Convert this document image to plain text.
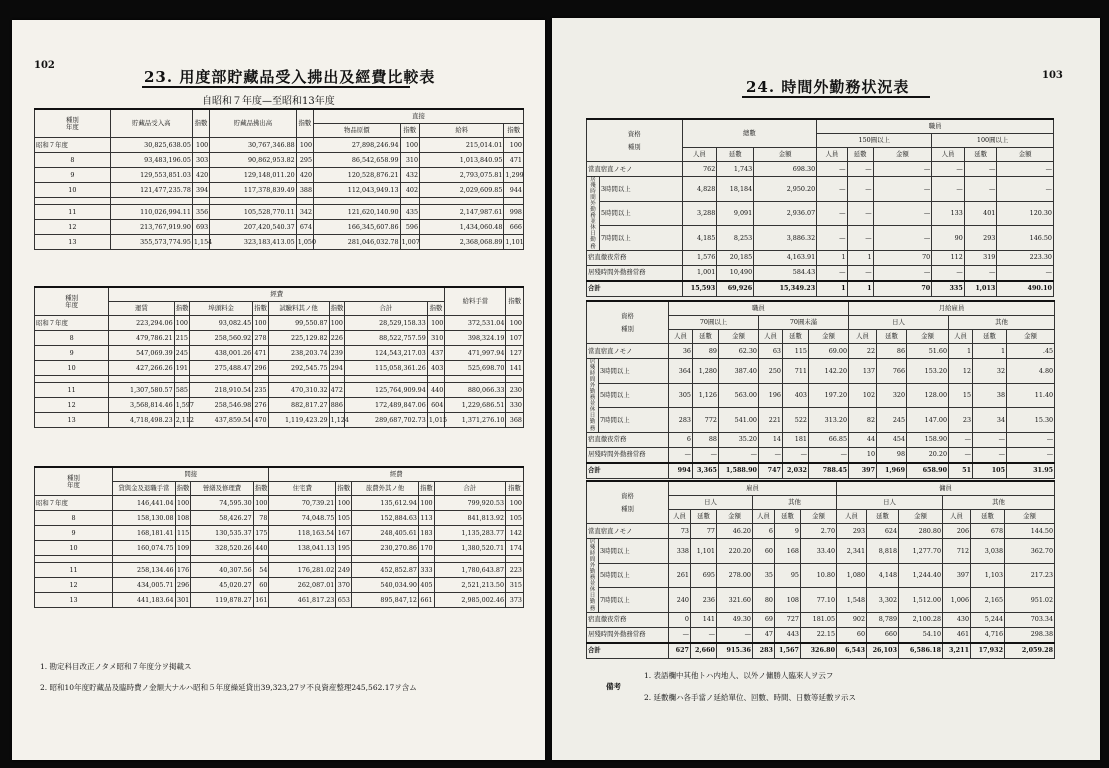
102
23. 用度部貯藏品受入拂出及經費比較表
自昭和７年度—至昭和13年度
種別
年度	貯藏品受入高	指數	貯藏品拂出高	指數	直接			
					物品原價	指數	給料	指數
昭和７年度	30,825,638.05	100	30,767,346.88	100	27,898,246.94	100	215,014.01	100
8	93,483,196.05	303	90,862,953.82	295	86,542,658.99	310	1,013,840.95	471
9	129,553,851.03	420	129,148,011.20	420	120,528,876.21	432	2,793,075.81	1,299
10	121,477,235.78	394	117,378,839.49	388	112,043,949.13	402	2,029,609.85	944

11	110,026,994.11	356	105,528,770.11	342	121,620,140.90	435	2,147,987.61	998
12	213,767,919.90	693	207,420,540.37	674	166,345,607.86	596	1,434,060.48	666
13	355,573,774.95	1,154	323,183,413.05	1,050	281,046,032.78	1,007	2,368,068.89	1,101
種別
年度	經費								給料手當	指數
	運賃	指數	埠頭料金	指數	試驗料其ノ他	指數	合計	指數		
昭和７年度	223,294.06	100	93,082.45	100	99,550.87	100	28,529,158.33	100	372,531.04	100
8	479,786.21	215	258,560.92	278	225,129.82	226	88,522,757.59	310	398,324.19	107
9	547,069.39	245	438,001.26	471	238,203.74	239	124,543,217.03	437	471,997.94	127
10	427,266.26	191	275,488.47	296	292,545.75	294	115,058,361.26	403	525,698.70	141

11	1,307,580.57	585	218,910.54	235	470,310.32	472	125,764,909.94	440	880,066.33	230
12	3,568,814.46	1,597	258,546.98	276	882,817.27	886	172,489,847.06	604	1,229,686.51	330
13	4,718,498.23	2,112	437,859.54	470	1,119,423.29	1,124	289,687,702.73	1,015	1,371,276.10	368
種別
年度	間接				經費					
	貸與金及退職手當	指數	營繕及修理費	指數	住宅費	指數	旅費外其ノ他	指數	合計	指數
昭和７年度	146,441.04	100	74,595.30	100	70,739.21	100	135,612.94	100	799,920.53	100
8	158,130.08	108	58,426.27	78	74,048.75	105	152,884.63	113	841,813.92	105
9	168,181.41	115	130,535.37	175	118,163.54	167	248,405.61	183	1,135,283.77	142
10	160,074.75	109	328,520.26	440	138,041.13	195	230,270.86	170	1,380,520.71	174

11	258,134.46	176	40,307.56	54	176,281.02	249	452,852.87	333	1,780,643.87	223
12	434,005.71	296	45,020.27	60	262,087.01	370	540,034.90	405	2,521,213.50	315
13	441,183.64	301	119,878.27	161	461,817.23	653	895,847,12	661	2,985,002.46	373
1. 勘定科目改正ノタメ昭和７年度分ヲ掲載ス
2. 昭和10年度貯藏品及臨時費ノ金額大ナルハ昭和５年度繰延貸出39,323,27ヲ不良資産整理245,562.17ヲ含ム
103
24. 時間外勤務状況表
資格

種別		總數			職員					
					150圓以上			100圓以上		
		人員	延數	金額	人員	延數	金額	人員	延數	金額
當直宿直ノモノ		762	1,743	698.30	—	—	—	—	—	—
居殘時間外勤務並休日勤務	3時間以上	4,828	18,184	2,950.20	—	—	—	—	—	—
	5時間以上	3,288	9,091	2,936.07	—	—	—	133	401	120.30
	7時間以上	4,185	8,253	3,886.32	—	—	—	90	293	146.50
宿直徹夜常務		1,576	20,185	4,163.91	1	1	70	112	319	223.30
居殘時間外勤務常務		1,001	10,490	584.43	—	—	—	—	—	—
合計		15,593	69,926	15,349.23	1	1	70	335	1,013	490.10
資格

種別		職員						月給雇員					
		70圓以上			70圓未滿			日人			其他		
		人員	延數	金額	人員	延數	金額	人員	延數	金額	人員	延數	金額
當直宿直ノモノ		36	89	62.30	63	115	69.00	22	86	51.60	1	1	.45
居殘時間外勤務並休日勤務	3時間以上	364	1,280	387.40	250	711	142.20	137	766	153.20	12	32	4.80
	5時間以上	305	1,126	563.00	196	403	197.20	102	320	128.00	15	38	11.40
	7時間以上	283	772	541.00	221	522	313.20	82	245	147.00	23	34	15.30
宿直徹夜常務		6	88	35.20	14	181	66.85	44	454	158.90	—	—	—
居殘時間外勤務常務		—	—	—	—	—	—	10	98	20.20	—	—	—
合計		994	3,365	1,588.90	747	2,032	788.45	397	1,969	658.90	51	105	31.95
資格

種別		雇員						傭員					
		日人			其他			日人			其他		
		人員	延數	金額	人員	延數	金額	人員	延數	金額	人員	延數	金額
當直宿直ノモノ		73	77	46.20	6	9	2.70	293	624	280.80	206	678	144.50
居殘時間外勤務並休日勤務	3時間以上	338	1,101	220.20	60	168	33.40	2,341	8,818	1,277.70	712	3,038	362.70
	5時間以上	261	695	278.00	35	95	10.80	1,080	4,148	1,244.40	397	1,103	217.23
	7時間以上	240	236	321.60	80	108	77.10	1,548	3,302	1,512.00	1,006	2,165	951.02
宿直徹夜常務		0	141	49.30	69	727	181.05	902	8,789	2,100.28	430	5,244	703.34
居殘時間外勤務常務		—	—	—	47	443	22.15	60	660	54.10	461	4,716	298.38
合計		627	2,660	915.36	283	1,567	326.80	6,543	26,103	6,586.18	3,211	17,932	2,059.28
備考
1. 表語欄中其他トハ内地人、以外ノ傭勝人臨來人ヲ云フ
2. 延數欄ハ各手當ノ延給單位、回數、時間、日數等延數ヲ示ス
